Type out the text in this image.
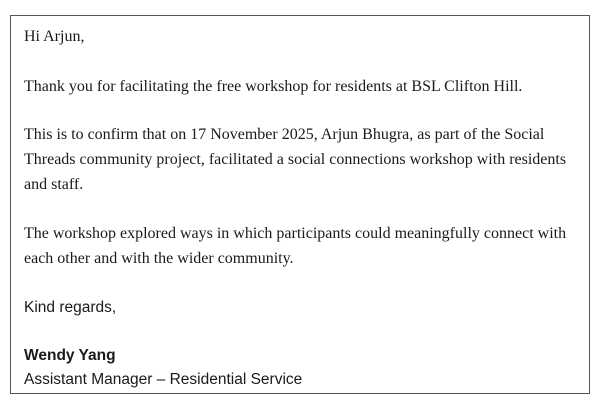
Hi Arjun,

Thank you for facilitating the free workshop for residents at BSL Clifton Hill.

This is to confirm that on 17 November 2025, Arjun Bhugra, as part of the Social

Threads community project, facilitated a social connections workshop with residents

and staff.

The workshop explored ways in which participants could meaningfully connect with

each other and with the wider community.

Kind regards,

Wendy Yang

Assistant Manager – Residential Service
